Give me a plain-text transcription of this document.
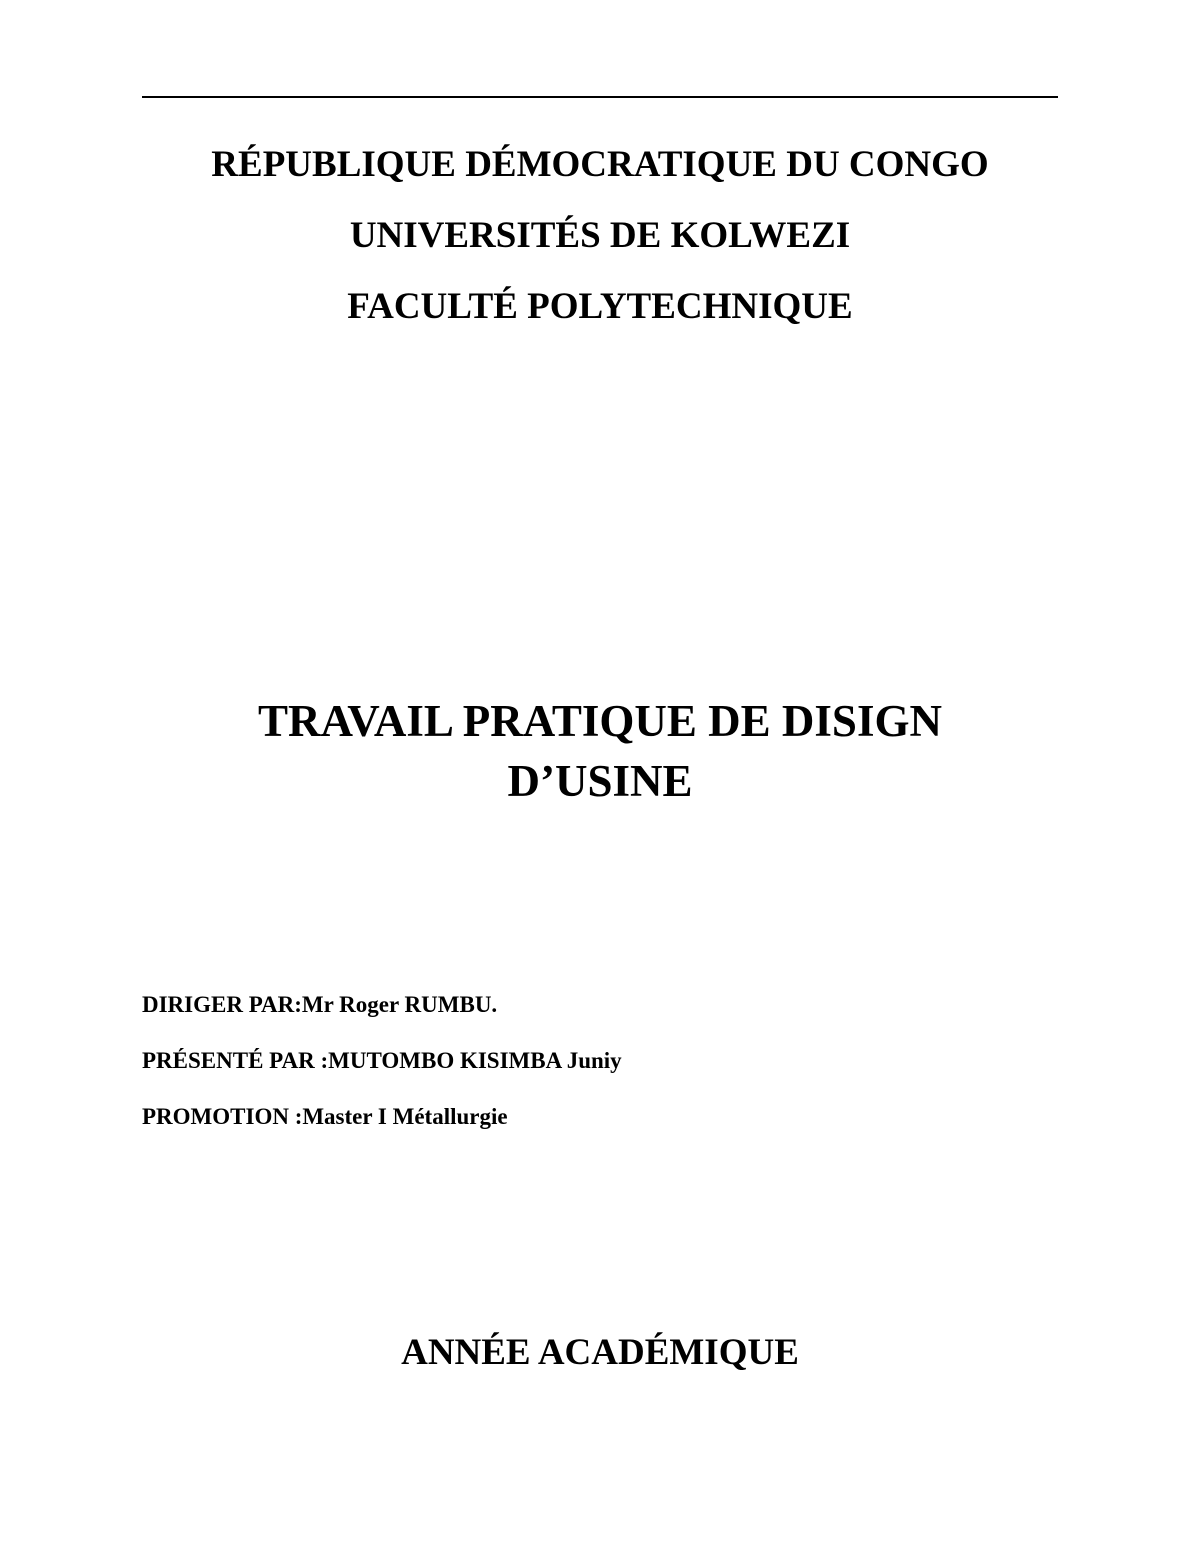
RÉPUBLIQUE DÉMOCRATIQUE DU CONGO
UNIVERSITÉS DE KOLWEZI
FACULTÉ POLYTECHNIQUE
TRAVAIL PRATIQUE DE DISIGN
D’USINE
DIRIGER PAR:Mr Roger RUMBU.
PRÉSENTÉ PAR :MUTOMBO KISIMBA Juniy
PROMOTION :Master I Métallurgie
ANNÉE ACADÉMIQUE
